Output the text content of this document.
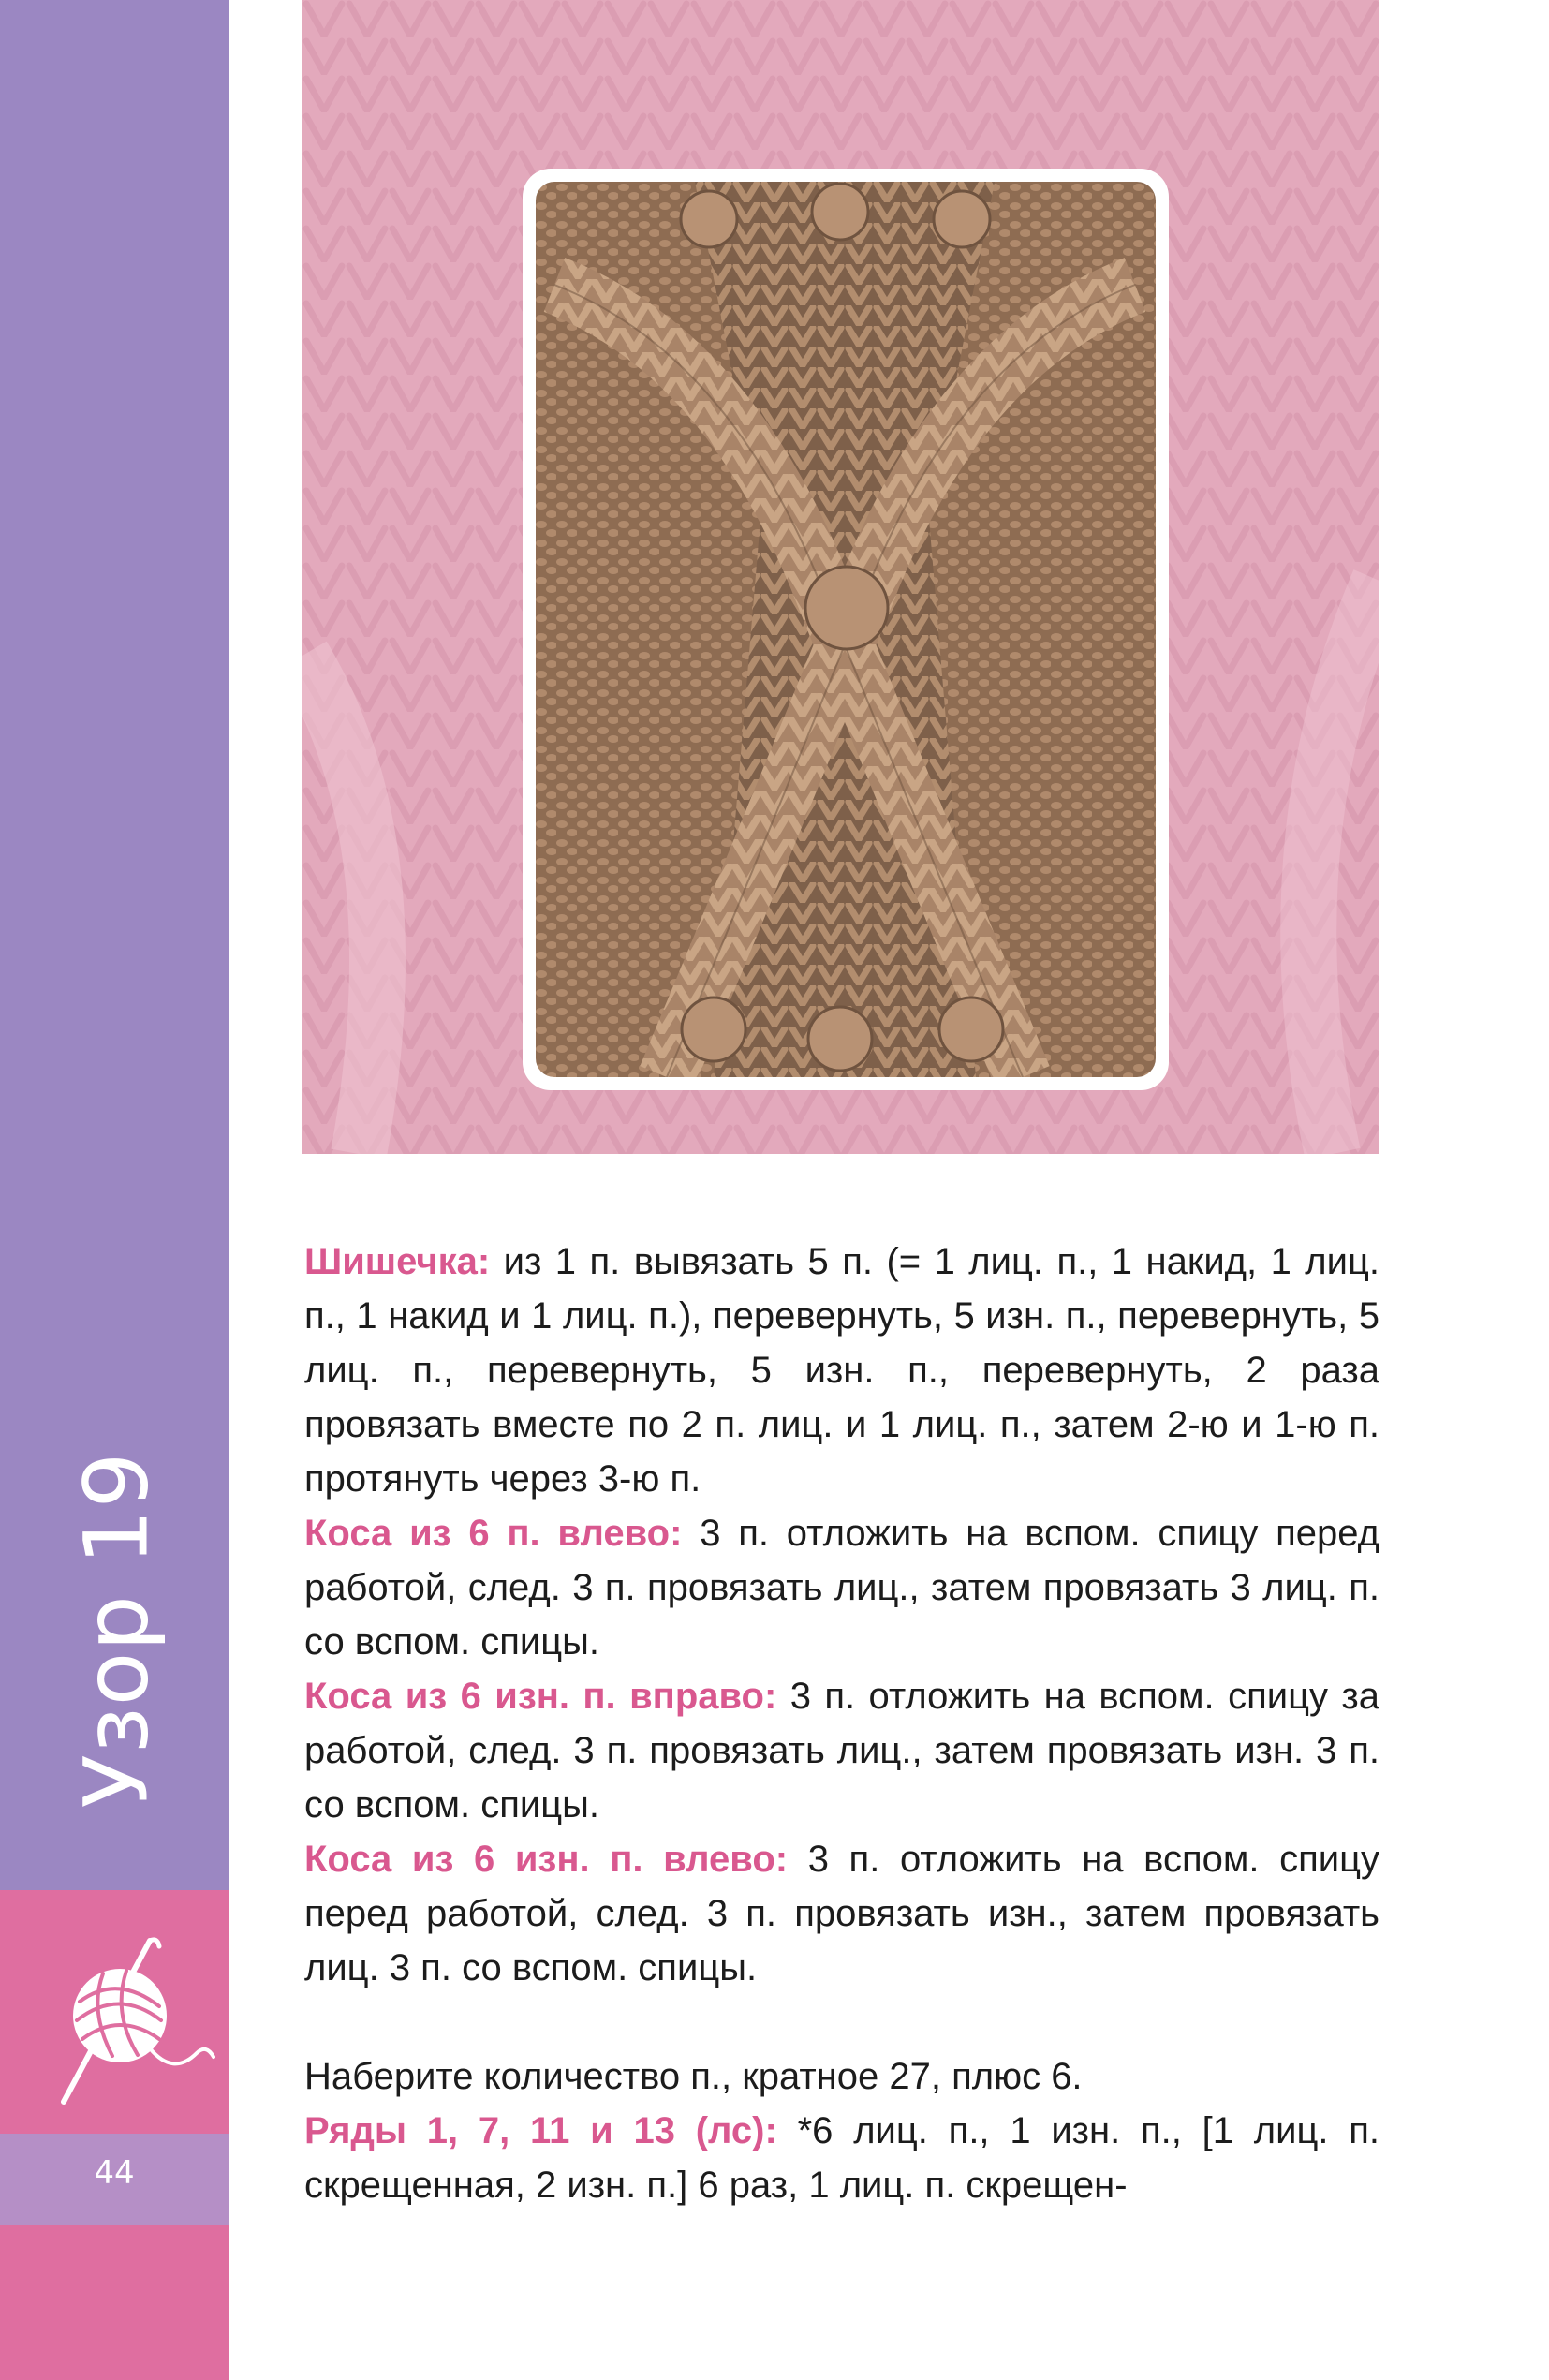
Узор 19
44

Шишечка: из 1 п. вывязать 5 п. (= 1 лиц. п., 1 накид, 1 лиц. п., 1 накид и 1 лиц. п.), перевернуть, 5 изн. п., перевернуть, 5 лиц. п., перевернуть, 5 изн. п., перевернуть, 2 раза провязать вместе по 2 п. лиц. и 1 лиц. п., затем 2-ю и 1-ю п. протянуть через 3-ю п.

Коса из 6 п. влево: 3 п. отложить на вспом. спицу перед работой, след. 3 п. провязать лиц., затем провязать 3 лиц. п. со вспом. спицы.

Коса из 6 изн. п. вправо: 3 п. отложить на вспом. спицу за работой, след. 3 п. провязать лиц., затем провязать изн. 3 п. со вспом. спицы.

Коса из 6 изн. п. влево: 3 п. отложить на вспом. спицу перед работой, след. 3 п. провязать изн., затем провязать лиц. 3 п. со вспом. спицы.

Наберите количество п., кратное 27, плюс 6.

Ряды 1, 7, 11 и 13 (лс): *6 лиц. п., 1 изн. п., [1 лиц. п. скрещенная, 2 изн. п.] 6 раз, 1 лиц. п. скрещен-
